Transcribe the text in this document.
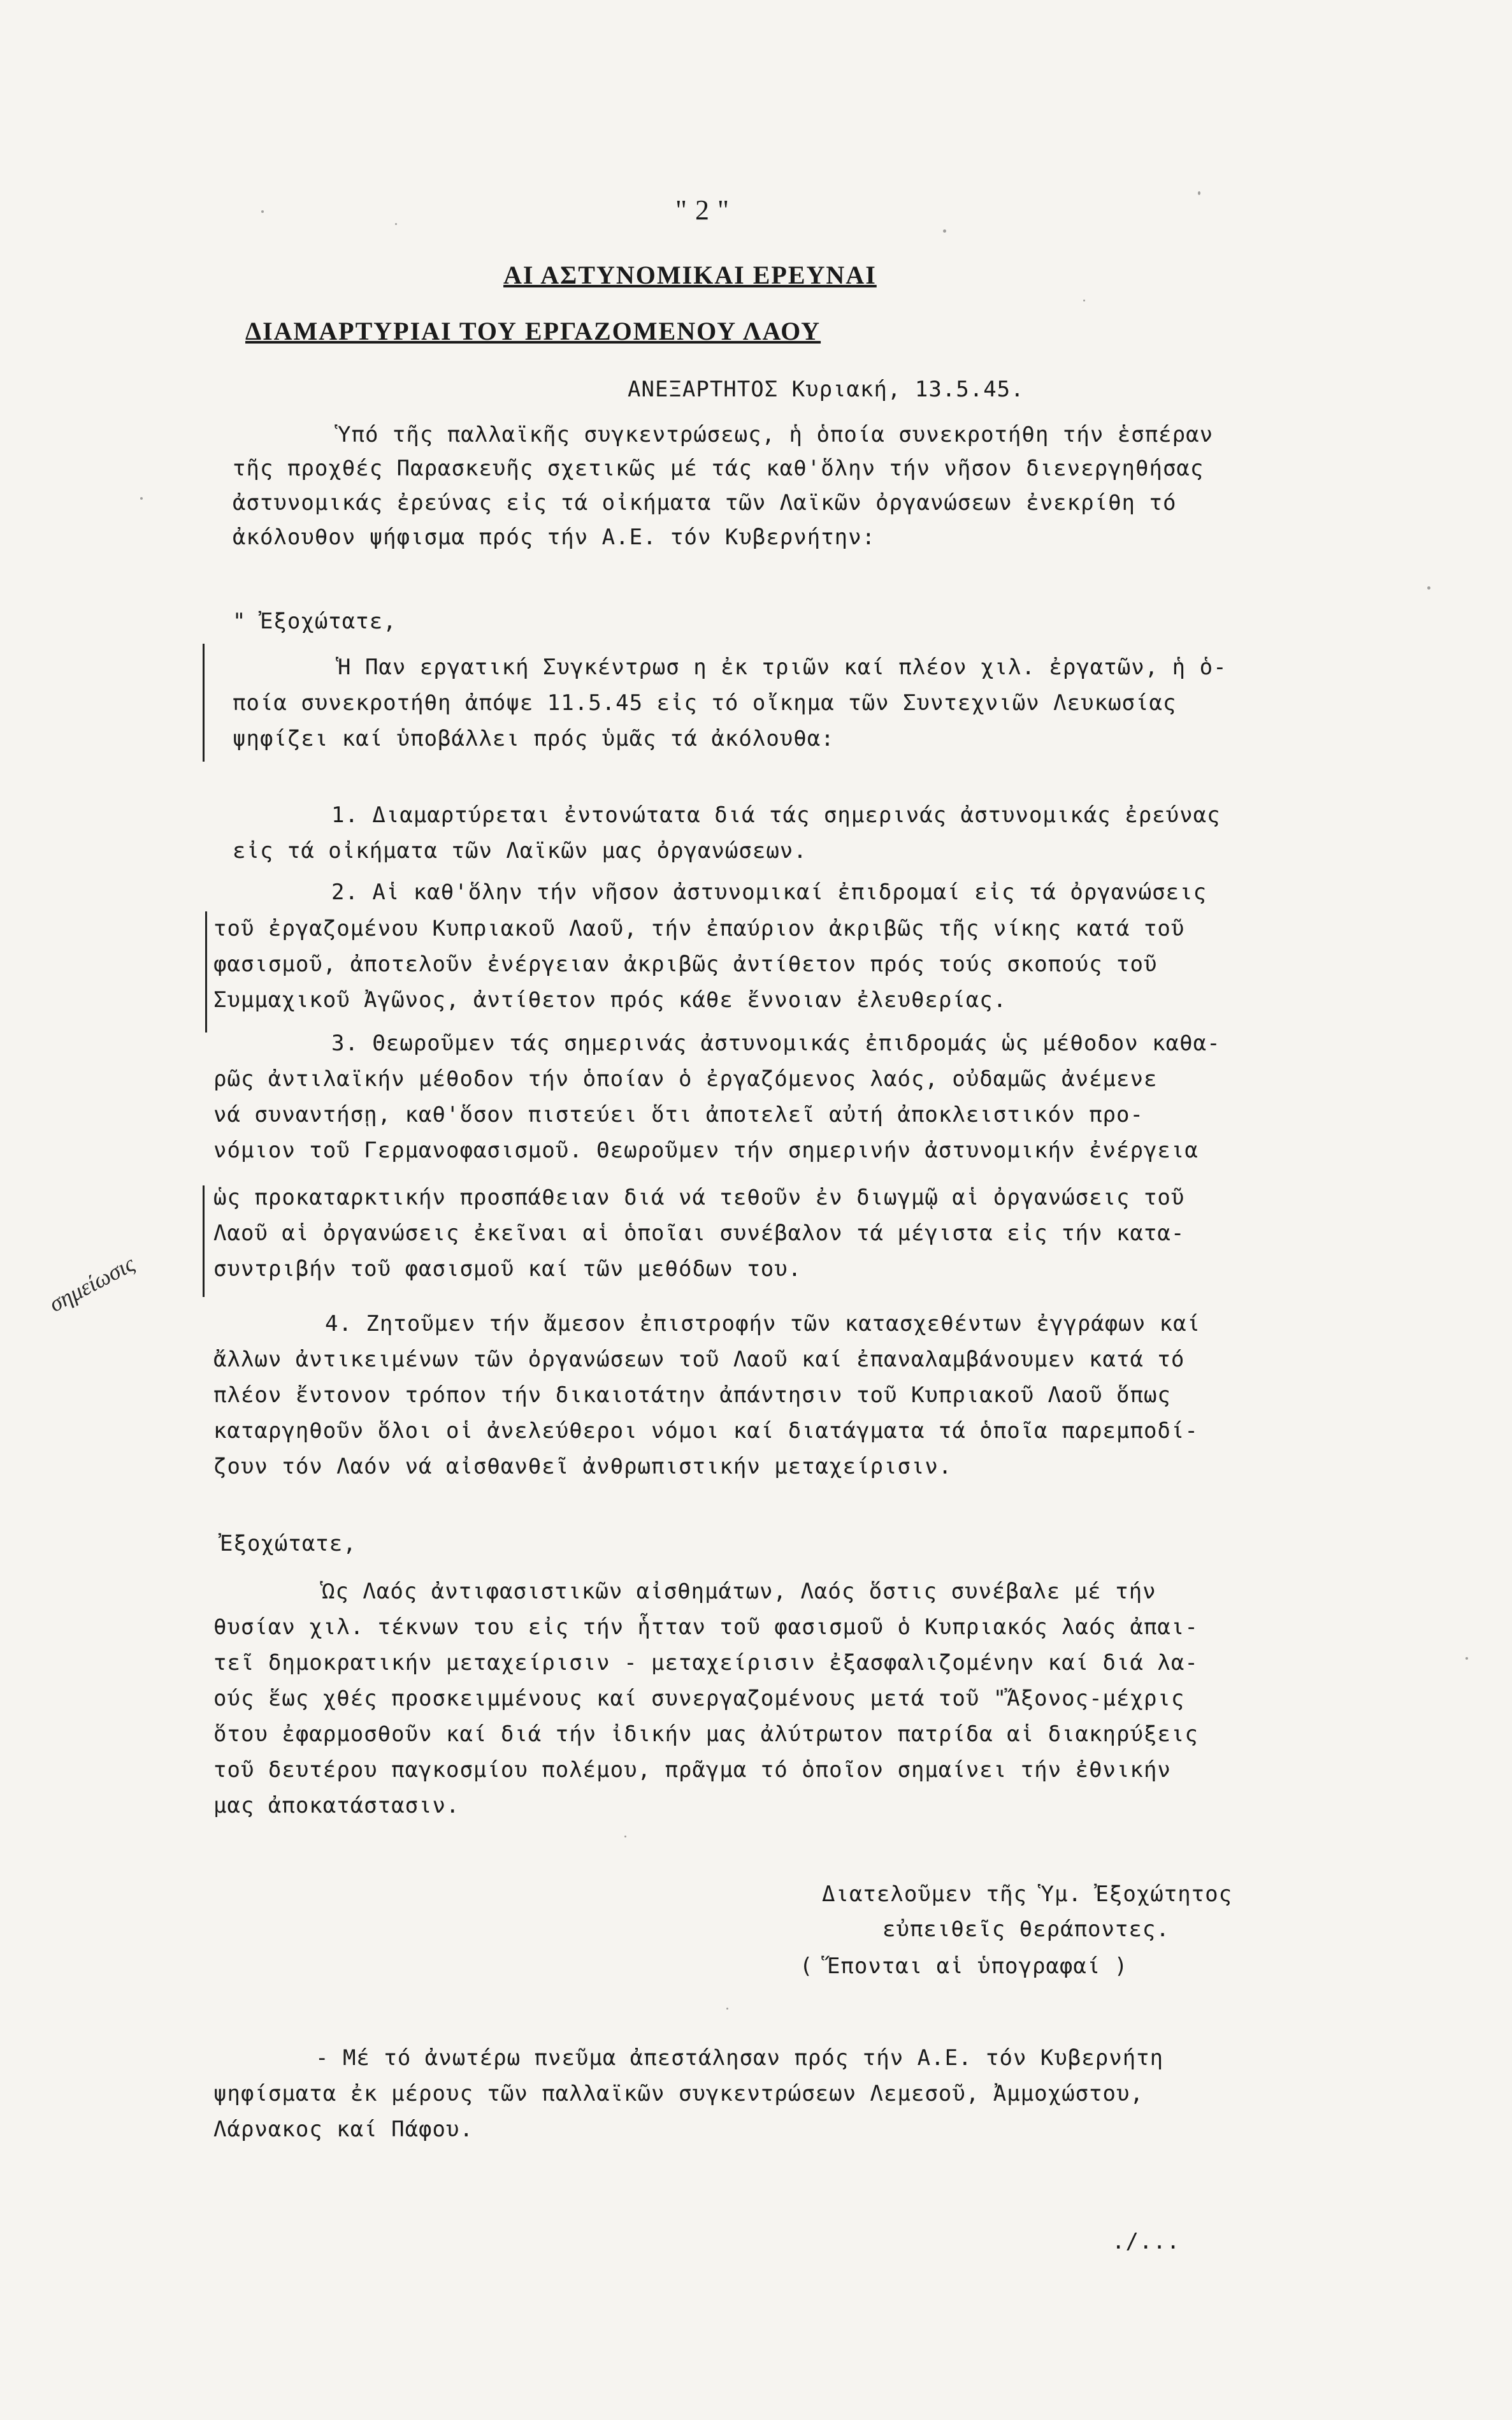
" 2 "
ΑΙ ΑΣΤΥΝΟΜΙΚΑΙ ΕΡΕΥΝΑΙ
ΔΙΑΜΑΡΤΥΡΙΑΙ ΤΟΥ ΕΡΓΑΖΟΜΕΝΟΥ ΛΑΟΥ
ΑΝΕΞΑΡΤΗΤΟΣ Κυριακή, 13.5.45.
Ὑπό τῆς παλλαϊκῆς συγκεντρώσεως, ἡ ὁποία συνεκροτήθη τήν ἑσπέραν
τῆς προχθές Παρασκευῆς σχετικῶς μέ τάς καθ'ὅλην τήν νῆσον διενεργηθήσας
ἀστυνομικάς ἐρεύνας εἰς τά οἰκήματα τῶν Λαϊκῶν ὀργανώσεων ἐνεκρίθη τό
ἀκόλουθον ψήφισμα πρός τήν Α.Ε. τόν Κυβερνήτην:
" Ἐξοχώτατε,
Ἡ Παν εργατική Συγκέντρωσ η ἐκ τριῶν καί πλέον χιλ. ἐργατῶν, ἡ ὁ-
ποία συνεκροτήθη ἀπόψε 11.5.45 εἰς τό οἴκημα τῶν Συντεχνιῶν Λευκωσίας
ψηφίζει καί ὑποβάλλει πρός ὑμᾶς τά ἀκόλουθα:
1. Διαμαρτύρεται ἐντονώτατα διά τάς σημερινάς ἀστυνομικάς ἐρεύνας
εἰς τά οἰκήματα τῶν Λαϊκῶν μας ὀργανώσεων.
2. Αἱ καθ'ὅλην τήν νῆσον ἀστυνομικαί ἐπιδρομαί εἰς τά ὀργανώσεις
τοῦ ἐργαζομένου Κυπριακοῦ Λαοῦ, τήν ἐπαύριον ἀκριβῶς τῆς νίκης κατά τοῦ
φασισμοῦ, ἀποτελοῦν ἐνέργειαν ἀκριβῶς ἀντίθετον πρός τούς σκοπούς τοῦ
Συμμαχικοῦ Ἀγῶνος, ἀντίθετον πρός κάθε ἔννοιαν ἐλευθερίας.
3. Θεωροῦμεν τάς σημερινάς ἀστυνομικάς ἐπιδρομάς ὡς μέθοδον καθα-
ρῶς ἀντιλαϊκήν μέθοδον τήν ὁποίαν ὁ ἐργαζόμενος λαός, οὐδαμῶς ἀνέμενε
νά συναντήσῃ, καθ'ὅσον πιστεύει ὅτι ἀποτελεῖ αὐτή ἀποκλειστικόν προ-
νόμιον τοῦ Γερμανοφασισμοῦ. Θεωροῦμεν τήν σημερινήν ἀστυνομικήν ἐνέργεια
ὡς προκαταρκτικήν προσπάθειαν διά νά τεθοῦν ἐν διωγμῷ αἱ ὀργανώσεις τοῦ
Λαοῦ αἱ ὀργανώσεις ἐκεῖναι αἱ ὁποῖαι συνέβαλον τά μέγιστα εἰς τήν κατα-
συντριβήν τοῦ φασισμοῦ καί τῶν μεθόδων του.
4. Ζητοῦμεν τήν ἄμεσον ἐπιστροφήν τῶν κατασχεθέντων ἐγγράφων καί
ἄλλων ἀντικειμένων τῶν ὀργανώσεων τοῦ Λαοῦ καί ἐπαναλαμβάνουμεν κατά τό
πλέον ἔντονον τρόπον τήν δικαιοτάτην ἀπάντησιν τοῦ Κυπριακοῦ Λαοῦ ὅπως
καταργηθοῦν ὅλοι οἱ ἀνελεύθεροι νόμοι καί διατάγματα τά ὁποῖα παρεμποδί-
ζουν τόν Λαόν νά αἰσθανθεῖ ἀνθρωπιστικήν μεταχείρισιν.
σημείωσις
Ἐξοχώτατε,
Ὡς Λαός ἀντιφασιστικῶν αἰσθημάτων, Λαός ὅστις συνέβαλε μέ τήν
θυσίαν χιλ. τέκνων του εἰς τήν ἧτταν τοῦ φασισμοῦ ὁ Κυπριακός λαός ἀπαι-
τεῖ δημοκρατικήν μεταχείρισιν - μεταχείρισιν ἐξασφαλιζομένην καί διά λα-
ούς ἕως χθές προσκειμμένους καί συνεργαζομένους μετά τοῦ "Ἄξονος-μέχρις
ὅτου ἐφαρμοσθοῦν καί διά τήν ἰδικήν μας ἀλύτρωτον πατρίδα αἱ διακηρύξεις
τοῦ δευτέρου παγκοσμίου πολέμου, πρᾶγμα τό ὁποῖον σημαίνει τήν ἐθνικήν
μας ἀποκατάστασιν.
Διατελοῦμεν τῆς Ὑμ. Ἐξοχώτητος
εὐπειθεῖς θεράποντες.
( Ἕπονται αἱ ὑπογραφαί )
- Μέ τό ἀνωτέρω πνεῦμα ἀπεστάλησαν πρός τήν Α.Ε. τόν Κυβερνήτη
ψηφίσματα ἐκ μέρους τῶν παλλαϊκῶν συγκεντρώσεων Λεμεσοῦ, Ἀμμοχώστου,
Λάρνακος καί Πάφου.
./...
